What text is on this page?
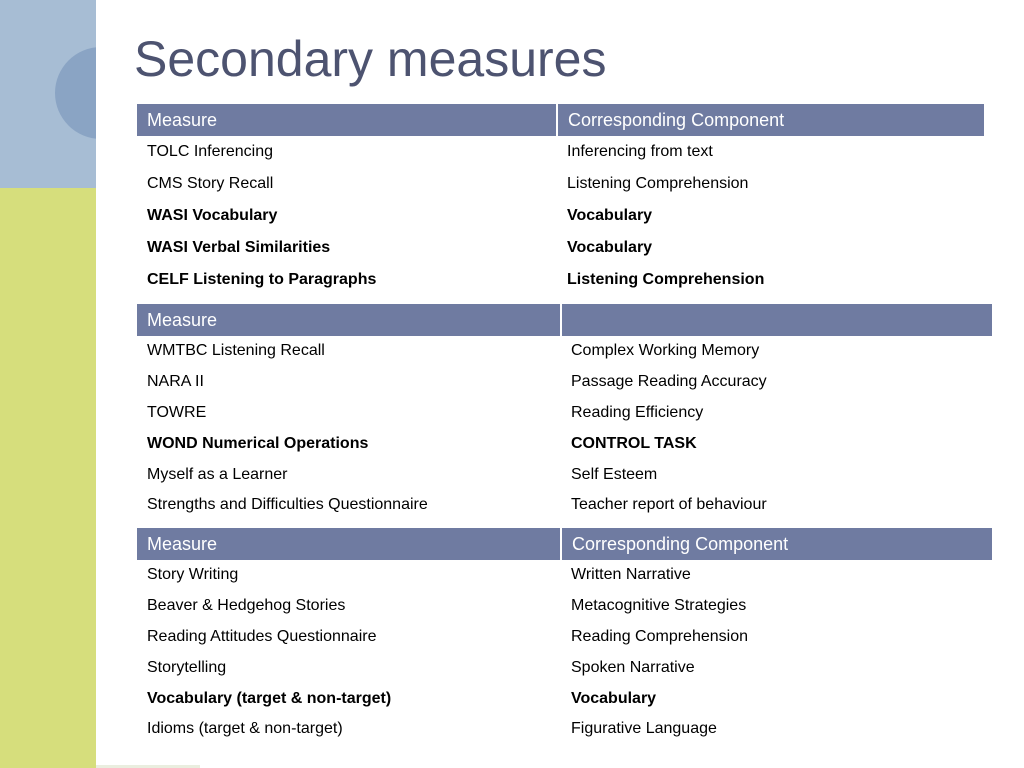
Secondary measures
Measure	Corresponding Component
TOLC Inferencing	Inferencing from text
CMS Story Recall	Listening Comprehension
WASI Vocabulary	Vocabulary
WASI Verbal Similarities	Vocabulary
CELF Listening to Paragraphs	Listening Comprehension
Measure	
WMTBC Listening Recall	Complex Working Memory
NARA II	Passage Reading Accuracy
TOWRE	Reading Efficiency
WOND Numerical Operations	CONTROL TASK
Myself as a Learner	Self Esteem
Strengths and Difficulties Questionnaire	Teacher report of behaviour
Measure	Corresponding Component
Story Writing	Written Narrative
Beaver & Hedgehog Stories	Metacognitive Strategies
Reading Attitudes Questionnaire	Reading Comprehension
Storytelling	Spoken Narrative
Vocabulary (target & non-target)	Vocabulary
Idioms (target & non-target)	Figurative Language
